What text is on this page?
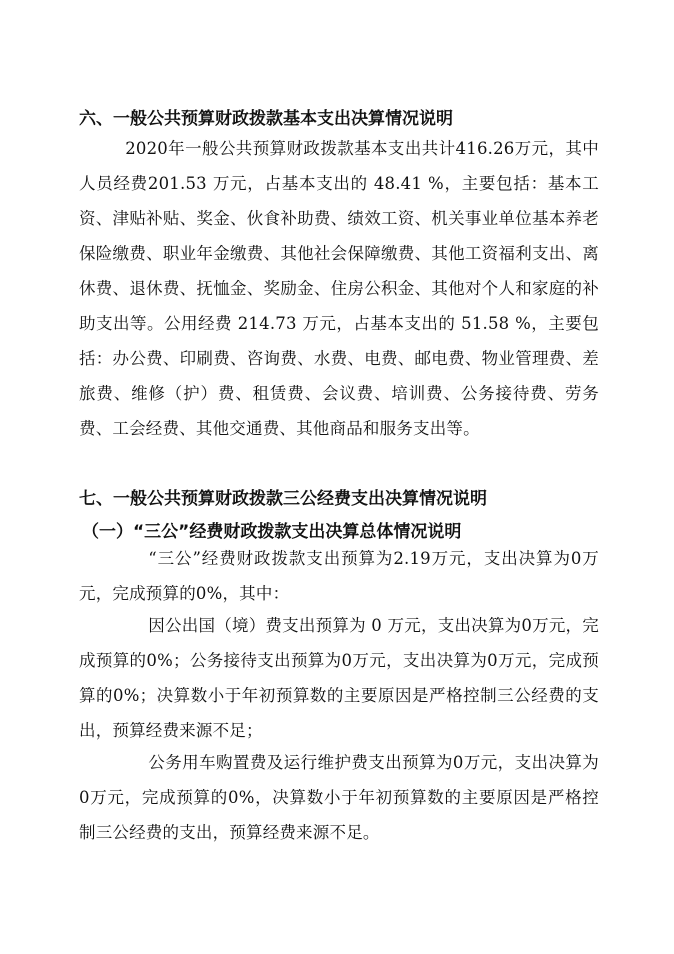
六、一般公共预算财政拨款基本支出决算情况说明

2020年一般公共预算财政拨款基本支出共计416.26万元，其中人员经费201.53 万元，占基本支出的 48.41 %，主要包括：基本工资、津贴补贴、奖金、伙食补助费、绩效工资、机关事业单位基本养老保险缴费、职业年金缴费、其他社会保障缴费、其他工资福利支出、离休费、退休费、抚恤金、奖励金、住房公积金、其他对个人和家庭的补助支出等。公用经费 214.73 万元，占基本支出的 51.58 %，主要包括：办公费、印刷费、咨询费、水费、电费、邮电费、物业管理费、差旅费、维修（护）费、租赁费、会议费、培训费、公务接待费、劳务费、工会经费、其他交通费、其他商品和服务支出等。

七、一般公共预算财政拨款三公经费支出决算情况说明
（一）“三公”经费财政拨款支出决算总体情况说明

“三公”经费财政拨款支出预算为2.19万元，支出决算为0万元，完成预算的0%，其中：

因公出国（境）费支出预算为 0 万元，支出决算为0万元，完成预算的0%；公务接待支出预算为0万元，支出决算为0万元，完成预算的0%；决算数小于年初预算数的主要原因是严格控制三公经费的支出，预算经费来源不足；

公务用车购置费及运行维护费支出预算为0万元，支出决算为0万元，完成预算的0%，决算数小于年初预算数的主要原因是严格控制三公经费的支出，预算经费来源不足。
